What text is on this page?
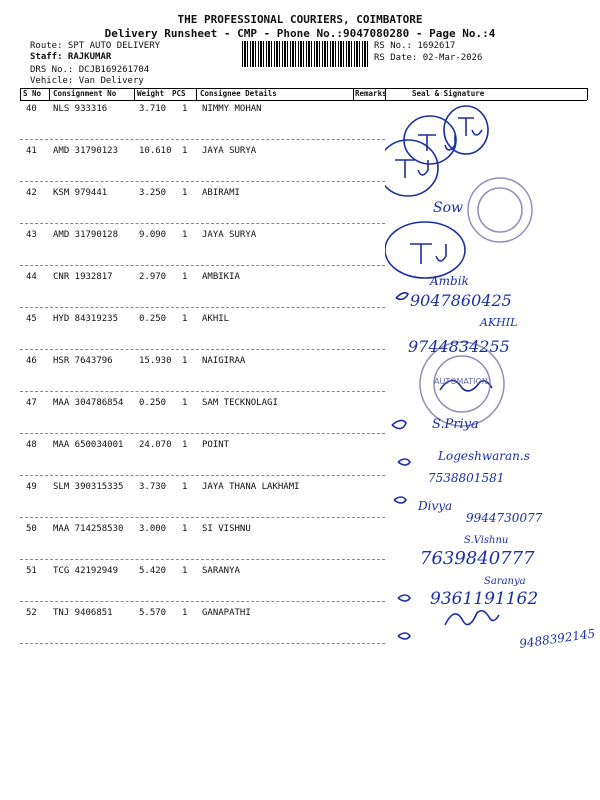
THE PROFESSIONAL COURIERS, COIMBATORE
Delivery Runsheet - CMP - Phone No.:9047080280 - Page No.:4
Route: SPT AUTO DELIVERY
Staff: RAJKUMAR
DRS No.: DCJB169261704
Vehicle: Van Delivery
RS No.: 1692617
RS Date: 02-Mar-2026
S No Consignment No	Weight PCS Consignee Details	Remarks	Seal & Signature
40 NLS 933316	3.710 1 NIMMY MOHAN
41 AMD 31790123 10.610 1 JAYA SURYA
42 KSM 979441	3.250 1 ABIRAMI
43 AMD 31790128 9.090 1 JAYA SURYA
44 CNR 1932817	2.970 1 AMBIKIA
45 HYD 84319235 0.250 1 AKHIL
46 HSR 7643796	15.930 1 NAIGIRAA
47 MAA 304786854 0.250 1 SAM TECKNOLAGI
48 MAA 650034001 24.070 1 POINT
49 SLM 390315335 3.730 1 JAYA THANA LAKHAMI
50 MAA 714258530 3.000 1 SI VISHNU
51 TCG 42192949 5.420 1 SARANYA
52 TNJ 9406851	5.570 1 GANAPATHI
Sow
Ambik
9047860425
AKHIL
9744834255
S.Priya
Logeshwaran.s
7538801581
Divya
9944730077
S.Vishnu
7639840777
Saranya
9361191162
9488392145
AUTOMATION
